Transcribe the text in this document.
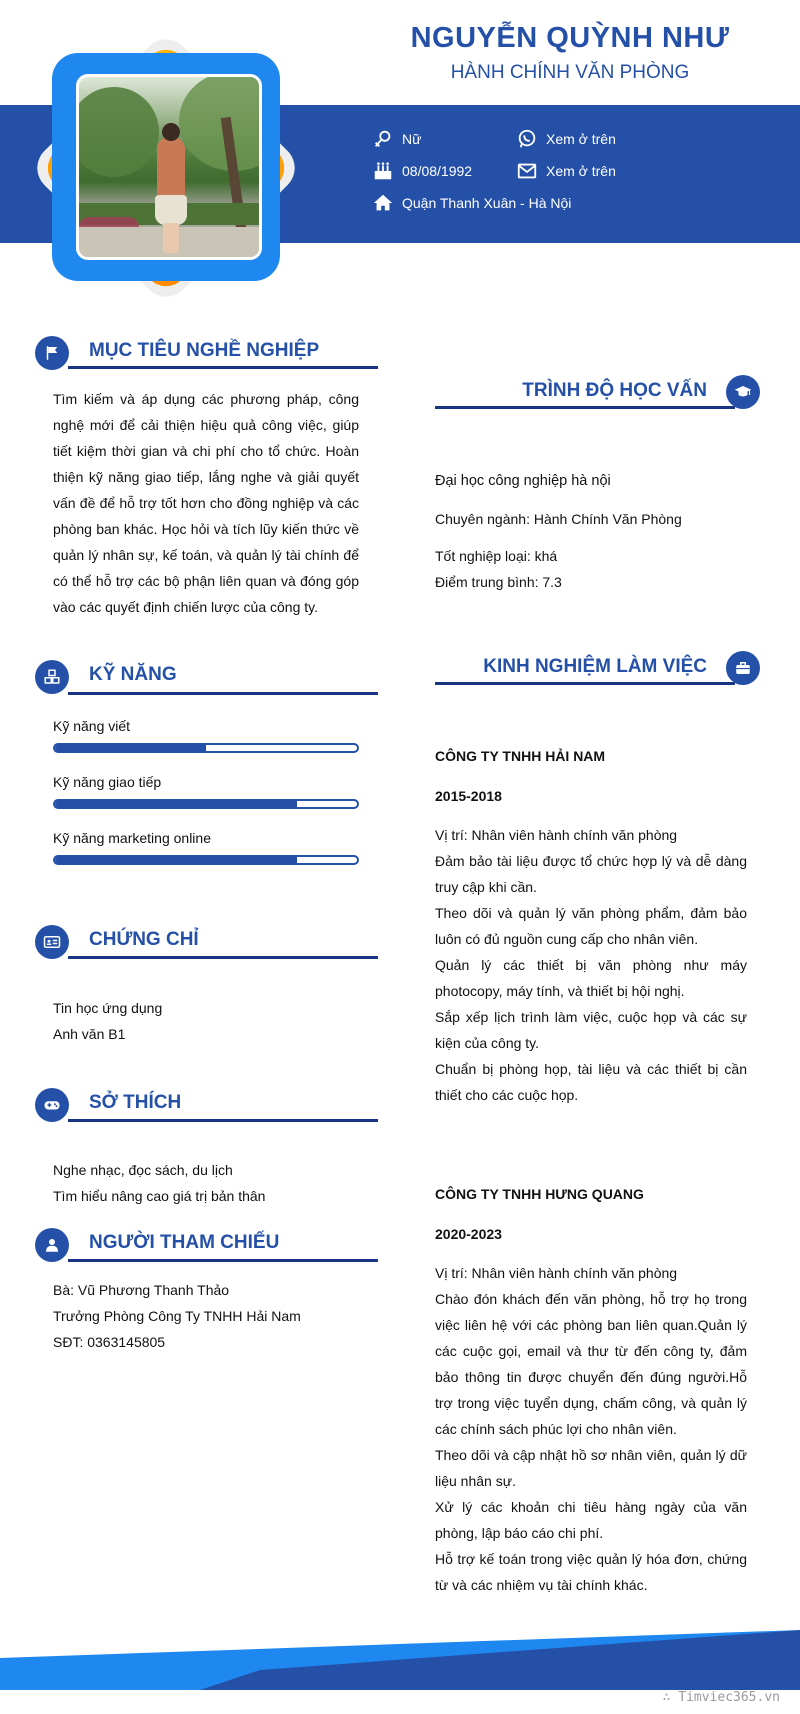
NGUYỄN QUỲNH NHƯ
HÀNH CHÍNH VĂN PHÒNG
Nữ	Xem ở trên
08/08/1992	Xem ở trên
Quận Thanh Xuân - Hà Nội
MỤC TIÊU NGHỀ NGHIỆP
Tìm kiếm và áp dụng các phương pháp, công nghệ mới để cải thiện hiệu quả công việc, giúp tiết kiệm thời gian và chi phí cho tổ chức. Hoàn thiện kỹ năng giao tiếp, lắng nghe và giải quyết vấn đề để hỗ trợ tốt hơn cho đồng nghiệp và các phòng ban khác. Học hỏi và tích lũy kiến thức về quản lý nhân sự, kế toán, và quản lý tài chính để có thể hỗ trợ các bộ phận liên quan và đóng góp vào các quyết định chiến lược của công ty.
KỸ NĂNG
Kỹ năng viết
Kỹ năng giao tiếp
Kỹ năng marketing online
CHỨNG CHỈ
Tin học ứng dụng
Anh văn B1
SỞ THÍCH
Nghe nhạc, đọc sách, du lịch
Tìm hiểu nâng cao giá trị bản thân
NGƯỜI THAM CHIẾU
Bà: Vũ Phương Thanh Thảo
Trưởng Phòng Công Ty TNHH Hải Nam
SĐT: 0363145805
TRÌNH ĐỘ HỌC VẤN
Đại học công nghiệp hà nội
Chuyên ngành: Hành Chính Văn Phòng
Tốt nghiệp loại: khá
Điểm trung bình: 7.3
KINH NGHIỆM LÀM VIỆC
CÔNG TY TNHH HẢI NAM
2015-2018
Vị trí: Nhân viên hành chính văn phòng
Đảm bảo tài liệu được tổ chức hợp lý và dễ dàng truy cập khi cần.
Theo dõi và quản lý văn phòng phẩm, đảm bảo luôn có đủ nguồn cung cấp cho nhân viên.
Quản lý các thiết bị văn phòng như máy photocopy, máy tính, và thiết bị hội nghị.
Sắp xếp lịch trình làm việc, cuộc họp và các sự kiện của công ty.
Chuẩn bị phòng họp, tài liệu và các thiết bị cần thiết cho các cuộc họp.
CÔNG TY TNHH HƯNG QUANG
2020-2023
Vị trí: Nhân viên hành chính văn phòng
Chào đón khách đến văn phòng, hỗ trợ họ trong việc liên hệ với các phòng ban liên quan.Quản lý các cuộc gọi, email và thư từ đến công ty, đảm bảo thông tin được chuyển đến đúng người.Hỗ trợ trong việc tuyển dụng, chấm công, và quản lý các chính sách phúc lợi cho nhân viên.
Theo dõi và cập nhật hồ sơ nhân viên, quản lý dữ liệu nhân sự.
Xử lý các khoản chi tiêu hàng ngày của văn phòng, lập báo cáo chi phí.
Hỗ trợ kế toán trong việc quản lý hóa đơn, chứng từ và các nhiệm vụ tài chính khác.
∴ Timviec365.vn
